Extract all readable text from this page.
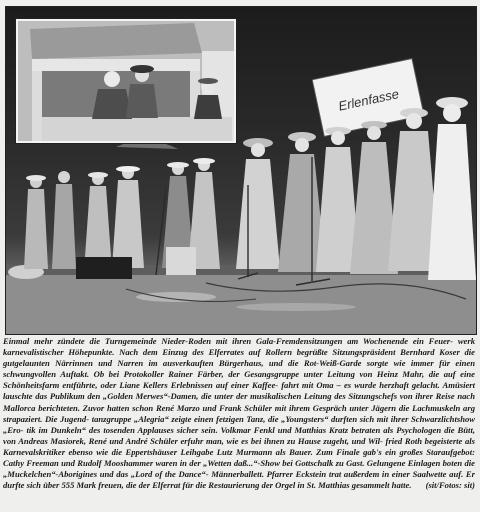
Erlenfasse
Einmal mehr zündete die Turngemeinde Nieder-Roden mit ihren Gala-Fremdensitzungen am Wochenende ein Feuer- werk karnevalistischer Höhepunkte. Nach dem Einzug des Elferrates auf Rollern begrüßte Sitzungspräsident Bernhard Koser die gutgelaunten Närrinnen und Narren im ausverkauften Bürgerhaus, und die Rot-Weiß-Garde sorgte wie immer für einen schwungvollen Auftakt. Ob bei Protokoller Rainer Färber, der Gesangsgruppe unter Leitung von Heinz Mahr, die auf eine Schönheitsfarm entführte, oder Liane Kellers Erlebnissen auf einer Kaffee- fahrt mit Oma – es wurde herzhaft gelacht. Amüsiert lauschte das Publikum den „Golden Merwes“-Damen, die unter der musikalischen Leitung des Sitzungschefs von ihrer Reise nach Mallorca berichteten. Zuvor hatten schon René Marzo und Frank Schüler mit ihrem Gespräch unter Jägern die Lachmuskeln arg strapaziert. Die Jugend- tanzgruppe „Alegria“ zeigte einen fetzigen Tanz, die „Youngsters“ durften sich mit ihrer Schwarzlichtshow „Ero- tik im Dunkeln“ des tosenden Applauses sicher sein. Volkmar Fenkl und Matthias Kratz betraten als Psychologen die Bütt, von Andreas Masiorek, René und André Schüler erfuhr man, wie es bei ihnen zu Hause zugeht, und Wil- fried Roth begeisterte als Karnevalskritiker ebenso wie die Eppertshäuser Leihgabe Lutz Murmann als Bauer. Zum Finale gab's ein großes Staraufgebot: Cathy Freeman und Rudolf Mooshammer waren in der „Wetten daß...“-Show bei Gottschalk zu Gast. Gelungene Einlagen boten die „Muckelchen“-Aborigines und das „Lord of the Dance“- Männerballett. Pfarrer Eckstein trat außerdem in einer Saalwette auf. Er durfte sich über 555 Mark freuen, die der Elferrat für die Restaurierung der Orgel in St. Matthias gesammelt hatte. (sit/Fotos: sit)
